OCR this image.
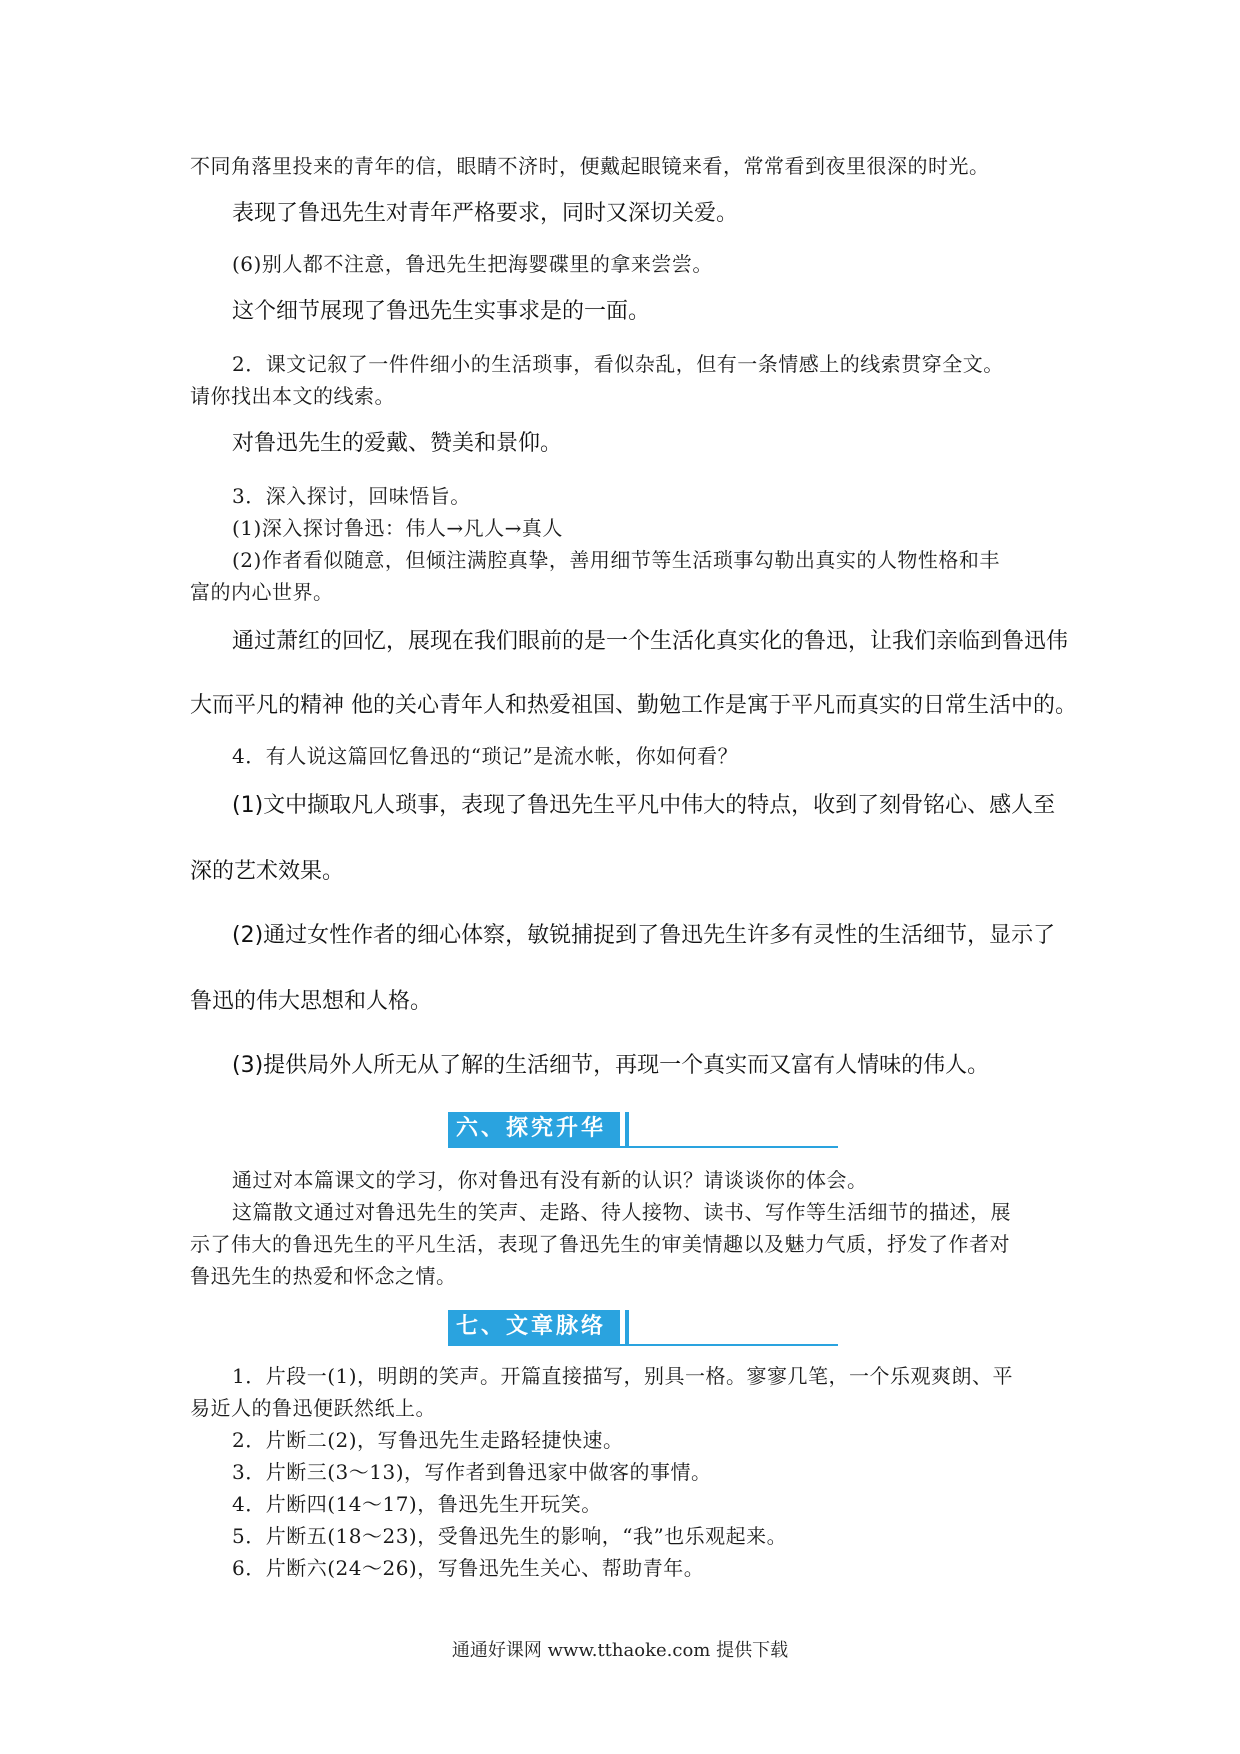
不同角落里投来的青年的信，眼睛不济时，便戴起眼镜来看，常常看到夜里很深的时光。

表现了鲁迅先生对青年严格要求，同时又深切关爱。

(6)别人都不注意，鲁迅先生把海婴碟里的拿来尝尝。

这个细节展现了鲁迅先生实事求是的一面。

2．课文记叙了一件件细小的生活琐事，看似杂乱，但有一条情感上的线索贯穿全文。

请你找出本文的线索。

对鲁迅先生的爱戴、赞美和景仰。

3．深入探讨，回味悟旨。

(1)深入探讨鲁迅：伟人→凡人→真人

(2)作者看似随意，但倾注满腔真挚，善用细节等生活琐事勾勒出真实的人物性格和丰

富的内心世界。

通过萧红的回忆，展现在我们眼前的是一个生活化真实化的鲁迅，让我们亲临到鲁迅伟

大而平凡的精神 他的关心青年人和热爱祖国、勤勉工作是寓于平凡而真实的日常生活中的。

4．有人说这篇回忆鲁迅的“琐记”是流水帐，你如何看？

(1)文中撷取凡人琐事，表现了鲁迅先生平凡中伟大的特点，收到了刻骨铭心、感人至

深的艺术效果。

(2)通过女性作者的细心体察，敏锐捕捉到了鲁迅先生许多有灵性的生活细节，显示了

鲁迅的伟大思想和人格。

(3)提供局外人所无从了解的生活细节，再现一个真实而又富有人情味的伟人。

六、探究升华

通过对本篇课文的学习，你对鲁迅有没有新的认识？请谈谈你的体会。

这篇散文通过对鲁迅先生的笑声、走路、待人接物、读书、写作等生活细节的描述，展

示了伟大的鲁迅先生的平凡生活，表现了鲁迅先生的审美情趣以及魅力气质，抒发了作者对

鲁迅先生的热爱和怀念之情。

七、文章脉络

1．片段一(1)，明朗的笑声。开篇直接描写，别具一格。寥寥几笔，一个乐观爽朗、平

易近人的鲁迅便跃然纸上。

2．片断二(2)，写鲁迅先生走路轻捷快速。

3．片断三(3～13)，写作者到鲁迅家中做客的事情。

4．片断四(14～17)，鲁迅先生开玩笑。

5．片断五(18～23)，受鲁迅先生的影响，“我”也乐观起来。

6．片断六(24～26)，写鲁迅先生关心、帮助青年。

通通好课网 www.tthaoke.com 提供下载
